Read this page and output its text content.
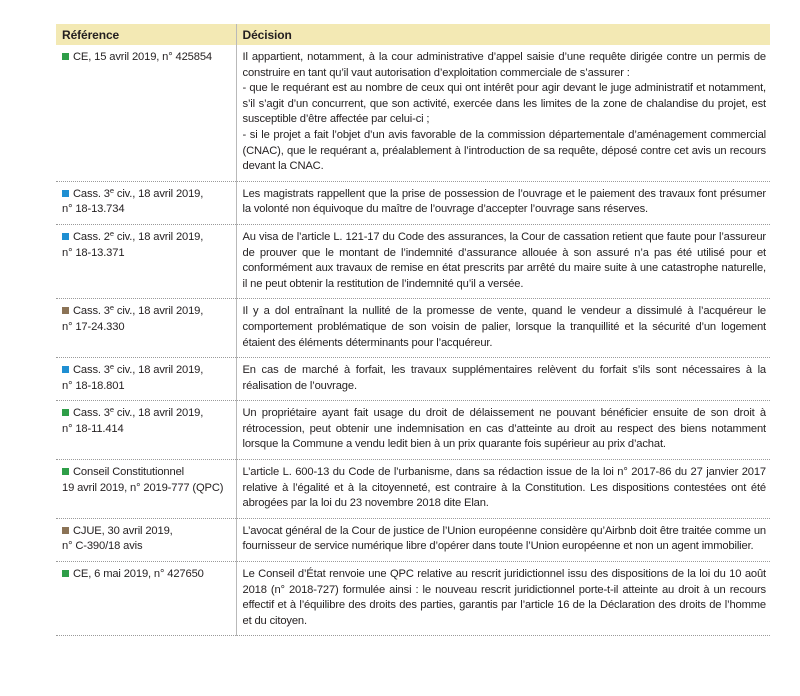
Référence	Décision

CE, 15 avril 2019, n° 425854	Il appartient, notamment, à la cour administrative d’appel saisie d’une requête dirigée contre un permis de construire en tant qu’il vaut autorisation d’exploitation commerciale de s’assurer :
- que le requérant est au nombre de ceux qui ont intérêt pour agir devant le juge administratif et notamment, s’il s’agit d’un concurrent, que son activité, exercée dans les limites de la zone de chalandise du projet, est susceptible d’être affectée par celui-ci ;
- si le projet a fait l’objet d’un avis favorable de la commission départementale d’aménagement commercial (CNAC), que le requérant a, préalablement à l’introduction de sa requête, déposé contre cet avis un recours devant la CNAC.

Cass. 3e civ., 18 avril 2019,
n° 18-13.734	Les magistrats rappellent que la prise de possession de l’ouvrage et le paiement des travaux font présumer la volonté non équivoque du maître de l’ouvrage d’accepter l’ouvrage sans réserves.

Cass. 2e civ., 18 avril 2019,
n° 18-13.371	Au visa de l’article L. 121-17 du Code des assurances, la Cour de cassation retient que faute pour l’assureur de prouver que le montant de l’indemnité d’assurance allouée à son assuré n’a pas été utilisé pour et conformément aux travaux de remise en état prescrits par arrêté du maire suite à une catastrophe naturelle, il ne peut obtenir la restitution de l’indemnité qu’il a versée.

Cass. 3e civ., 18 avril 2019,
n° 17-24.330	Il y a dol entraînant la nullité de la promesse de vente, quand le vendeur a dissimulé à l’acquéreur le comportement problématique de son voisin de palier, lorsque la tranquillité et la sécurité d’un logement étaient des éléments déterminants pour l’acquéreur.

Cass. 3e civ., 18 avril 2019,
n° 18-18.801	En cas de marché à forfait, les travaux supplémentaires relèvent du forfait s’ils sont nécessaires à la réalisation de l’ouvrage.

Cass. 3e civ., 18 avril 2019,
n° 18-11.414	Un propriétaire ayant fait usage du droit de délaissement ne pouvant bénéficier ensuite de son droit à rétrocession, peut obtenir une indemnisation en cas d’atteinte au droit au respect des biens notamment lorsque la Commune a vendu ledit bien à un prix quarante fois supérieur au prix d’achat.

Conseil Constitutionnel
19 avril 2019, n° 2019-777 (QPC)	L’article L. 600-13 du Code de l’urbanisme, dans sa rédaction issue de la loi n° 2017-86 du 27 janvier 2017 relative à l’égalité et à la citoyenneté, est contraire à la Constitution. Les dispositions contestées ont été abrogées par la loi du 23 novembre 2018 dite Elan.

CJUE, 30 avril 2019,
n° C-390/18 avis	L’avocat général de la Cour de justice de l’Union européenne considère qu’Airbnb doit être traitée comme un fournisseur de service numérique libre d’opérer dans toute l’Union européenne et non un agent immobilier.

CE, 6 mai 2019, n° 427650	Le Conseil d’État renvoie une QPC relative au rescrit juridictionnel issu des dispositions de la loi du 10 août 2018 (n° 2018-727) formulée ainsi : le nouveau rescrit juridictionnel porte-t-il atteinte au droit à un recours effectif et à l’équilibre des droits des parties, garantis par l’article 16 de la Déclaration des droits de l’homme et du citoyen.
